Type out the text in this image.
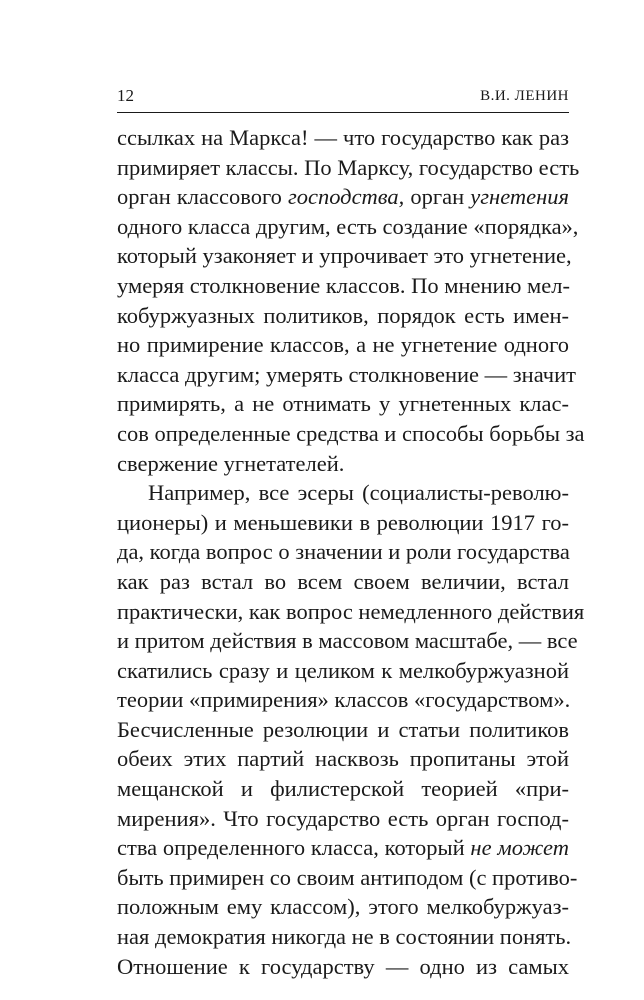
12	В.И. ЛЕНИН
ссылках на Маркса! — что государство как раз
примиряет классы. По Марксу, государство есть
орган классового господства, орган угнетения
одного класса другим, есть создание «порядка»,
который узаконяет и упрочивает это угнетение,
умеряя столкновение классов. По мнению мел-
кобуржуазных политиков, порядок есть имен-
но примирение классов, а не угнетение одного
класса другим; умерять столкновение — значит
примирять, а не отнимать у угнетенных клас-
сов определенные средства и способы борьбы за
свержение угнетателей.
Например, все эсеры (социалисты-револю-
ционеры) и меньшевики в революции 1917 го-
да, когда вопрос о значении и роли государства
как раз встал во всем своем величии, встал
практически, как вопрос немедленного действия
и притом действия в массовом масштабе, — все
скатились сразу и целиком к мелкобуржуазной
теории «примирения» классов «государством».
Бесчисленные резолюции и статьи политиков
обеих этих партий насквозь пропитаны этой
мещанской и филистерской теорией «при-
мирения». Что государство есть орган господ-
ства определенного класса, который не может
быть примирен со своим антиподом (с противо-
положным ему классом), этого мелкобуржуаз-
ная демократия никогда не в состоянии понять.
Отношение к государству — одно из самых
